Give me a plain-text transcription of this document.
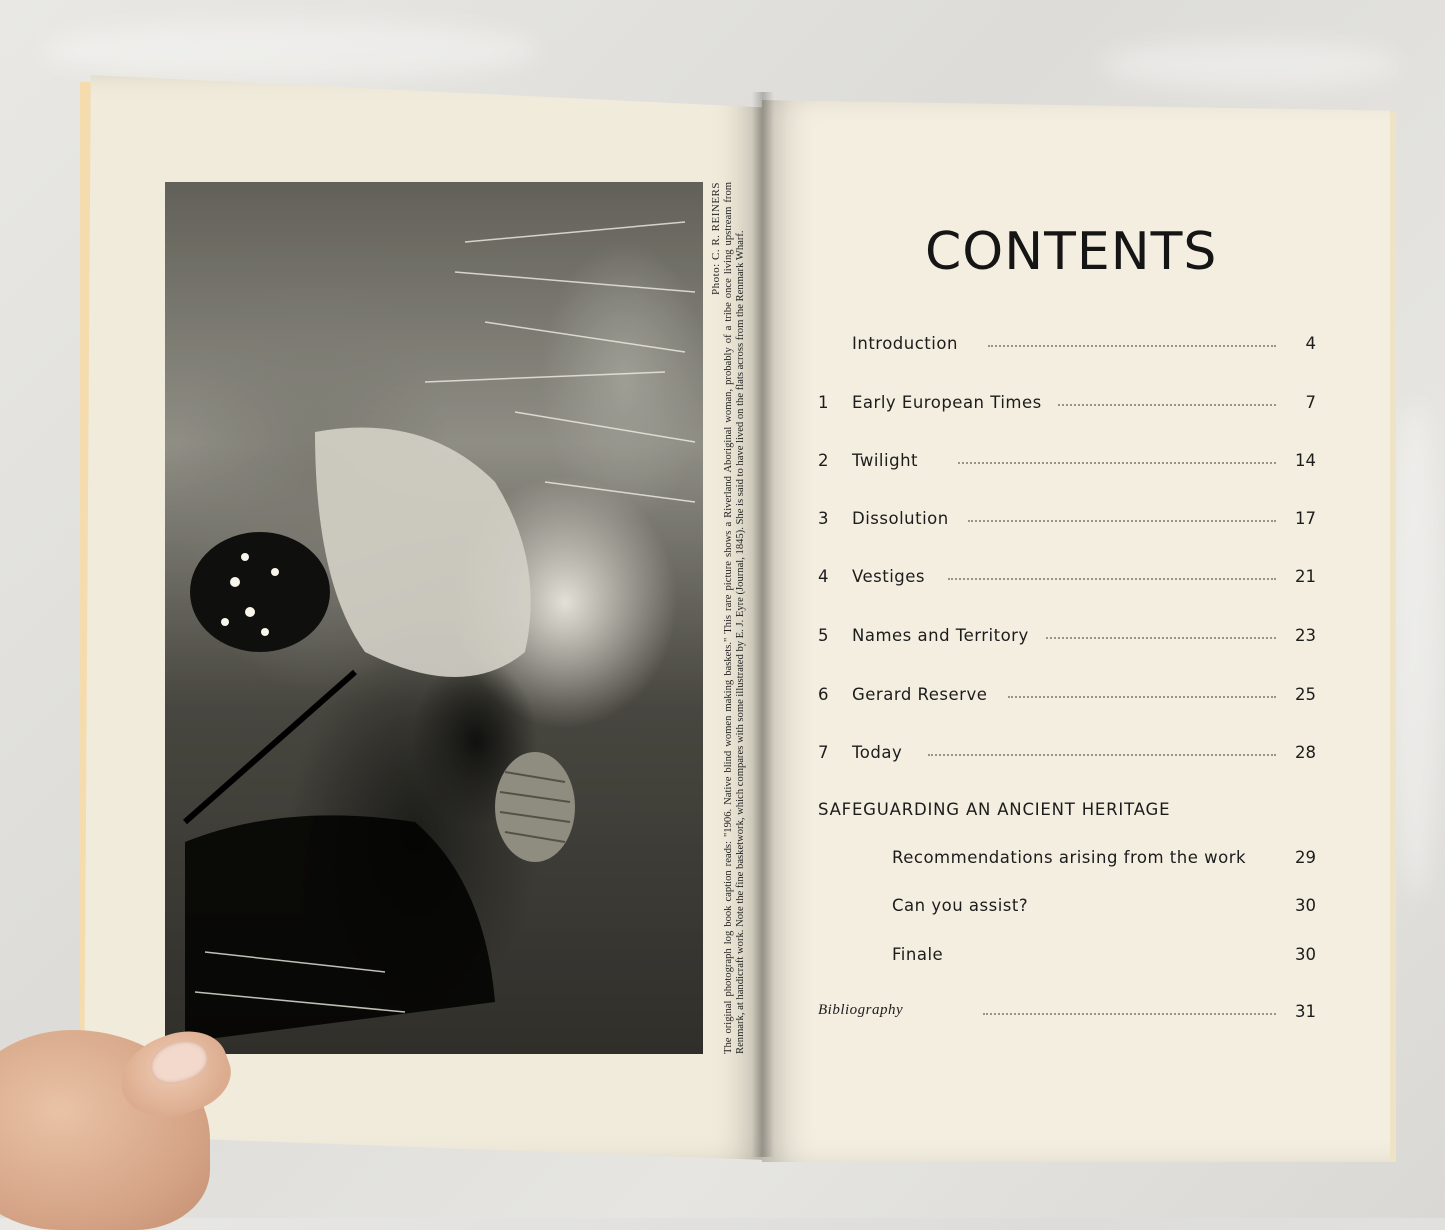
Photo: C. R. REINERS The original photograph log book caption reads: "1906. Native blind women making baskets." This rare picture shows a Riverland Aboriginal woman, probably of a tribe once living upstream from Renmark, at handicraft work. Note the fine basketwork, which compares with some illustrated by E. J. Eyre (Journal, 1845). She is said to have lived on the flats across from the Renmark Wharf.	CONTENTS
Introduction	4
1	Early European Times	7
2	Twilight	14
3	Dissolution	17
4	Vestiges	21
5	Names and Territory	23
6	Gerard Reserve	25
7	Today	28
SAFEGUARDING AN ANCIENT HERITAGE
Recommendations arising from the work	29
Can you assist?	30
Finale	30
Bibliography	31
